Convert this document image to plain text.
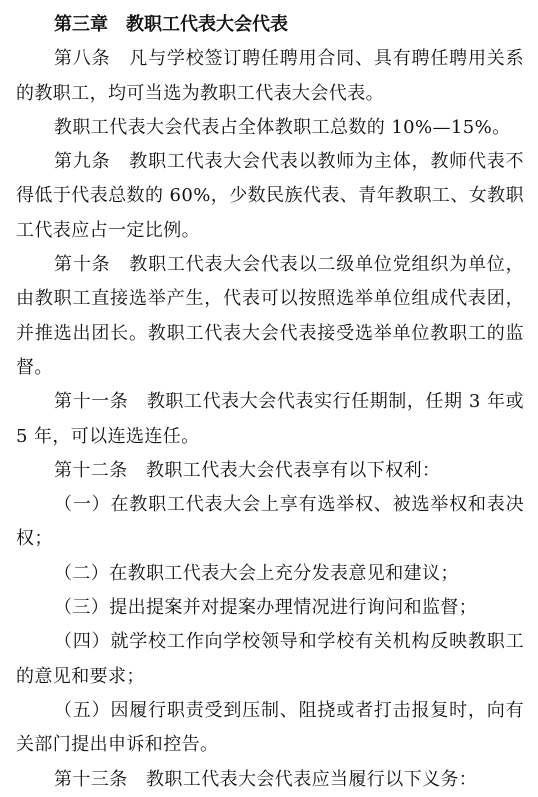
第三章　教职工代表大会代表

第八条　凡与学校签订聘任聘用合同、具有聘任聘用关系的教职工，均可当选为教职工代表大会代表。

教职工代表大会代表占全体教职工总数的 10%—15%。

第九条　教职工代表大会代表以教师为主体，教师代表不得低于代表总数的 60%，少数民族代表、青年教职工、女教职工代表应占一定比例。

第十条　教职工代表大会代表以二级单位党组织为单位，由教职工直接选举产生，代表可以按照选举单位组成代表团，并推选出团长。教职工代表大会代表接受选举单位教职工的监督。

第十一条　教职工代表大会代表实行任期制，任期 3 年或 5 年，可以连选连任。

第十二条　教职工代表大会代表享有以下权利：

（一）在教职工代表大会上享有选举权、被选举权和表决权；

（二）在教职工代表大会上充分发表意见和建议；

（三）提出提案并对提案办理情况进行询问和监督；

（四）就学校工作向学校领导和学校有关机构反映教职工的意见和要求；

（五）因履行职责受到压制、阻挠或者打击报复时，向有关部门提出申诉和控告。

第十三条　教职工代表大会代表应当履行以下义务：
